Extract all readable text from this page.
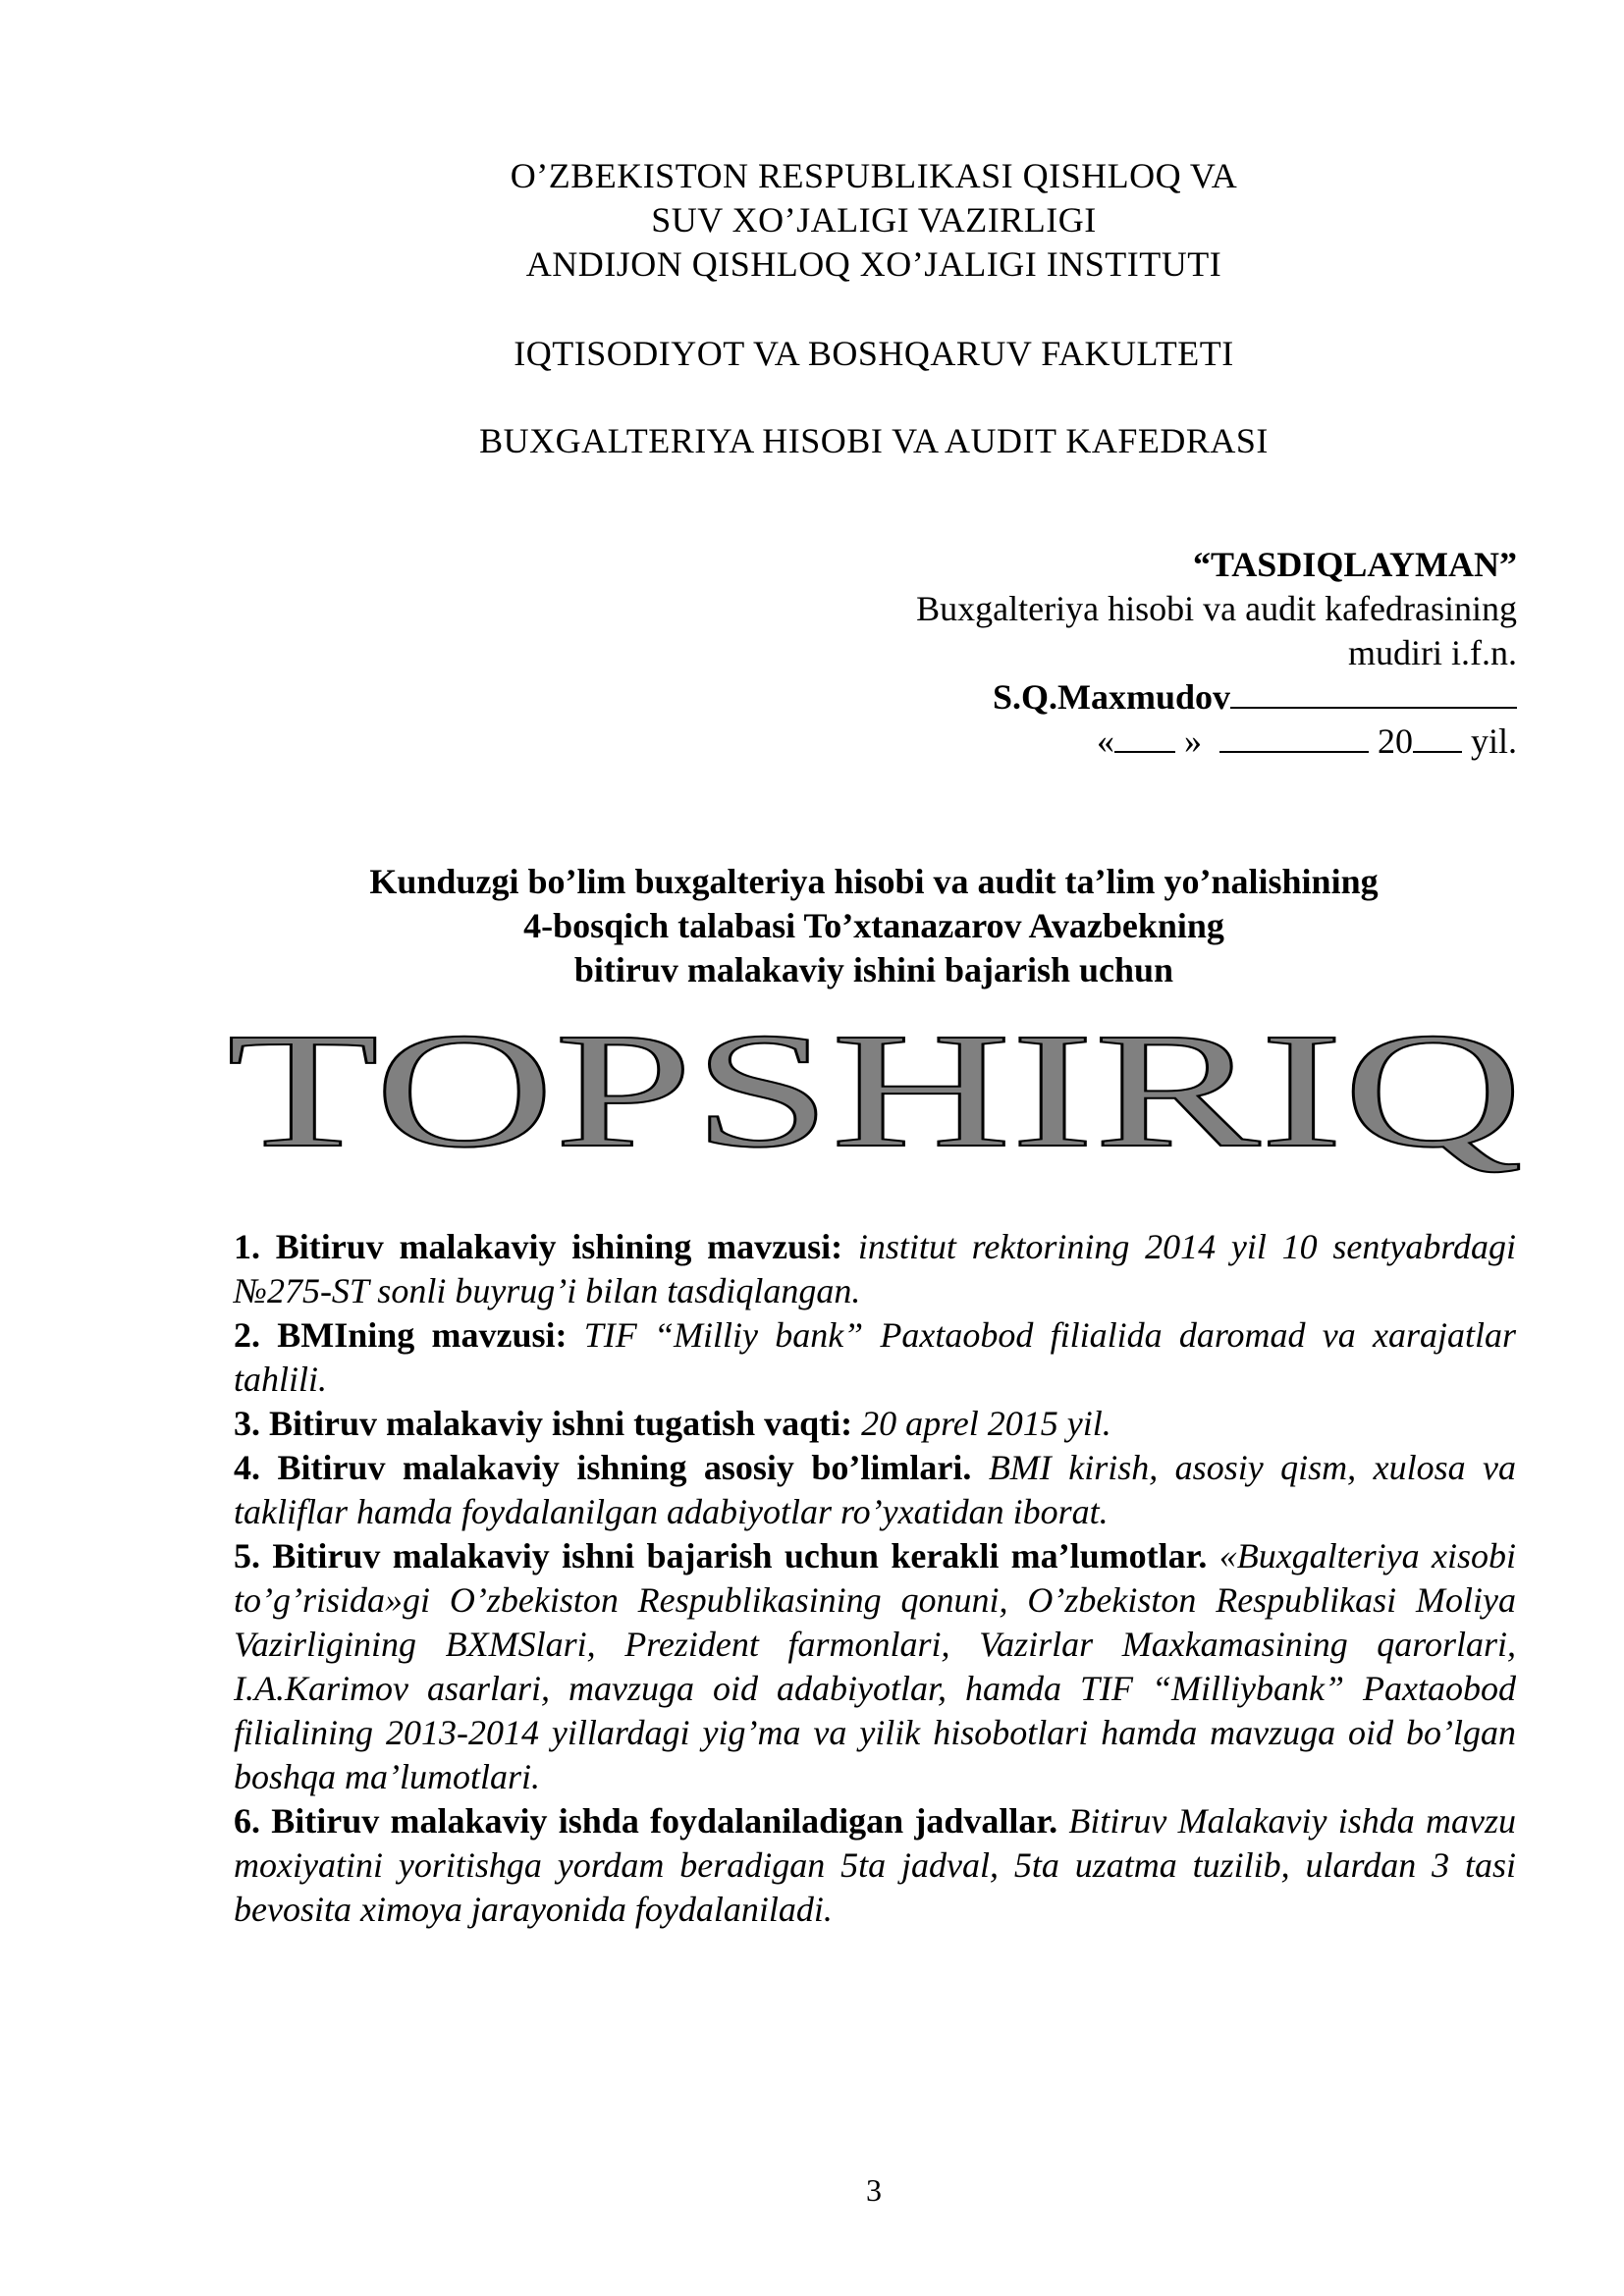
O’ZBEKISTON RESPUBLIKASI QISHLOQ VA
SUV XO’JALIGI VAZIRLIGI
ANDIJON QISHLOQ XO’JALIGI INSTITUTI
IQTISODIYOT VA BOSHQARUV FAKULTETI
BUXGALTERIYA HISOBI VA AUDIT KAFEDRASI
“TASDIQLAYMAN”
Buxgalteriya hisobi va audit kafedrasining
mudiri i.f.n.
S.Q.Maxmudov
« »	20 yil.
Kunduzgi bo’lim buxgalteriya hisobi va audit ta’lim yo’nalishining
4-bosqich talabasi To’xtanazarov Avazbekning
bitiruv malakaviy ishini bajarish uchun
TOPSHIRIQ

1. Bitiruv malakaviy ishining mavzusi: institut rektorining 2014 yil 10 sentyabrdagi №275-ST sonli buyrug’i bilan tasdiqlangan.

2. BMIning mavzusi: TIF “Milliy bank” Paxtaobod filialida daromad va xarajatlar tahlili.

3. Bitiruv malakaviy ishni tugatish vaqti: 20 aprel 2015 yil.

4. Bitiruv malakaviy ishning asosiy bo’limlari. BMI kirish, asosiy qism, xulosa va takliflar hamda foydalanilgan adabiyotlar ro’yxatidan iborat.

5. Bitiruv malakaviy ishni bajarish uchun kerakli ma’lumotlar. «Buxgalteriya xisobi to’g’risida»gi O’zbekiston Respublikasining qonuni, O’zbekiston Respublikasi Moliya Vazirligining BXMSlari, Prezident farmonlari, Vazirlar Maxkamasining qarorlari, I.A.Karimov asarlari, mavzuga oid adabiyotlar, hamda TIF “Milliybank” Paxtaobod filialining 2013-2014 yillardagi yig’ma va yilik hisobotlari hamda mavzuga oid bo’lgan boshqa ma’lumotlari.

6. Bitiruv malakaviy ishda foydalaniladigan jadvallar. Bitiruv Malakaviy ishda mavzu moxiyatini yoritishga yordam beradigan 5ta jadval, 5ta uzatma tuzilib, ulardan 3 tasi bevosita ximoya jarayonida foydalaniladi.

3
